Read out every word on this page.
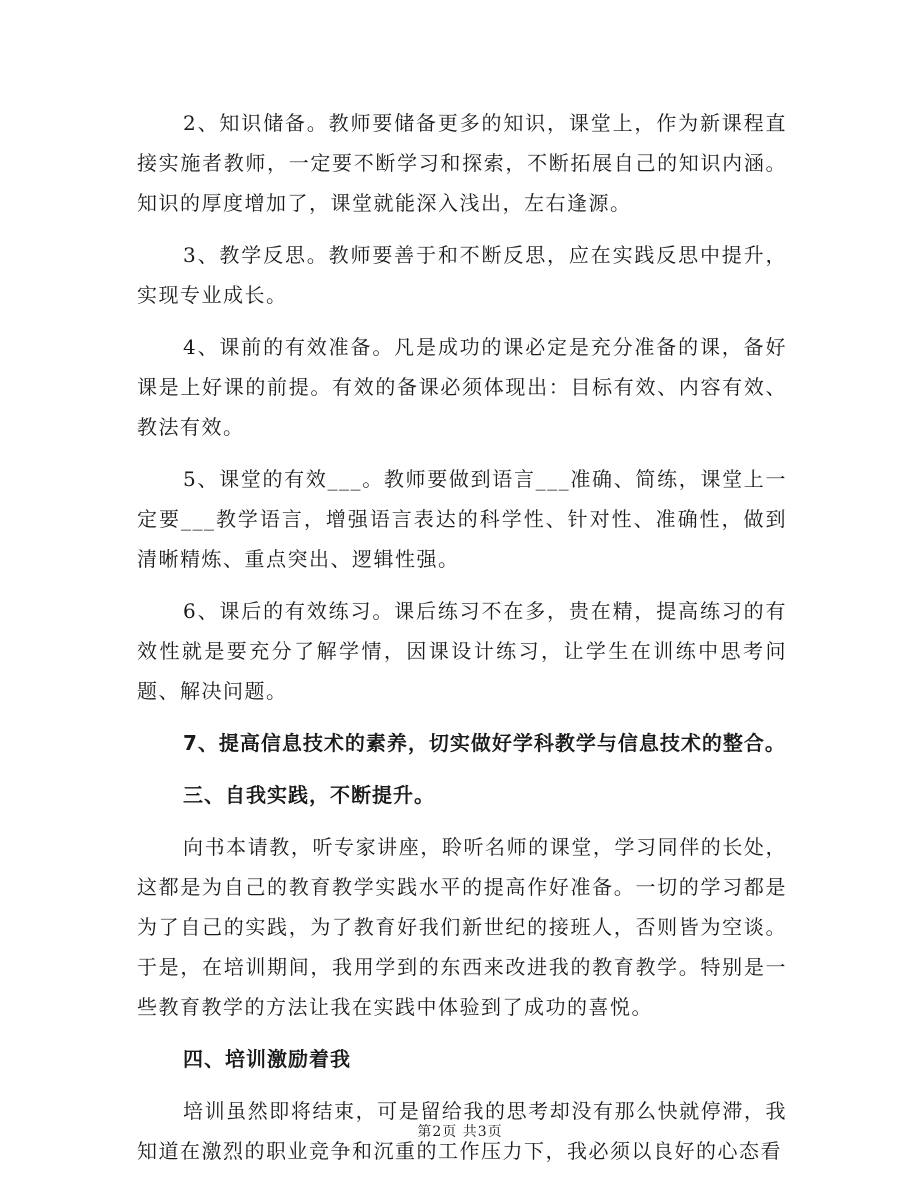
2、知识储备。教师要储备更多的知识，课堂上，作为新课程直接实施者教师，一定要不断学习和探索，不断拓展自己的知识内涵。知识的厚度增加了，课堂就能深入浅出，左右逢源。

3、教学反思。教师要善于和不断反思，应在实践反思中提升，实现专业成长。

4、课前的有效准备。凡是成功的课必定是充分准备的课，备好课是上好课的前提。有效的备课必须体现出：目标有效、内容有效、教法有效。

5、课堂的有效___。教师要做到语言___准确、简练，课堂上一定要___教学语言，增强语言表达的科学性、针对性、准确性，做到清晰精炼、重点突出、逻辑性强。

6、课后的有效练习。课后练习不在多，贵在精，提高练习的有效性就是要充分了解学情，因课设计练习，让学生在训练中思考问题、解决问题。

7、提高信息技术的素养，切实做好学科教学与信息技术的整合。

三、自我实践，不断提升。

向书本请教，听专家讲座，聆听名师的课堂，学习同伴的长处，这都是为自己的教育教学实践水平的提高作好准备。一切的学习都是为了自己的实践，为了教育好我们新世纪的接班人，否则皆为空谈。于是，在培训期间，我用学到的东西来改进我的教育教学。特别是一些教育教学的方法让我在实践中体验到了成功的喜悦。

四、培训激励着我

培训虽然即将结束，可是留给我的思考却没有那么快就停滞，我知道在激烈的职业竞争和沉重的工作压力下，我必须以良好的心态看

第2页 共3页
